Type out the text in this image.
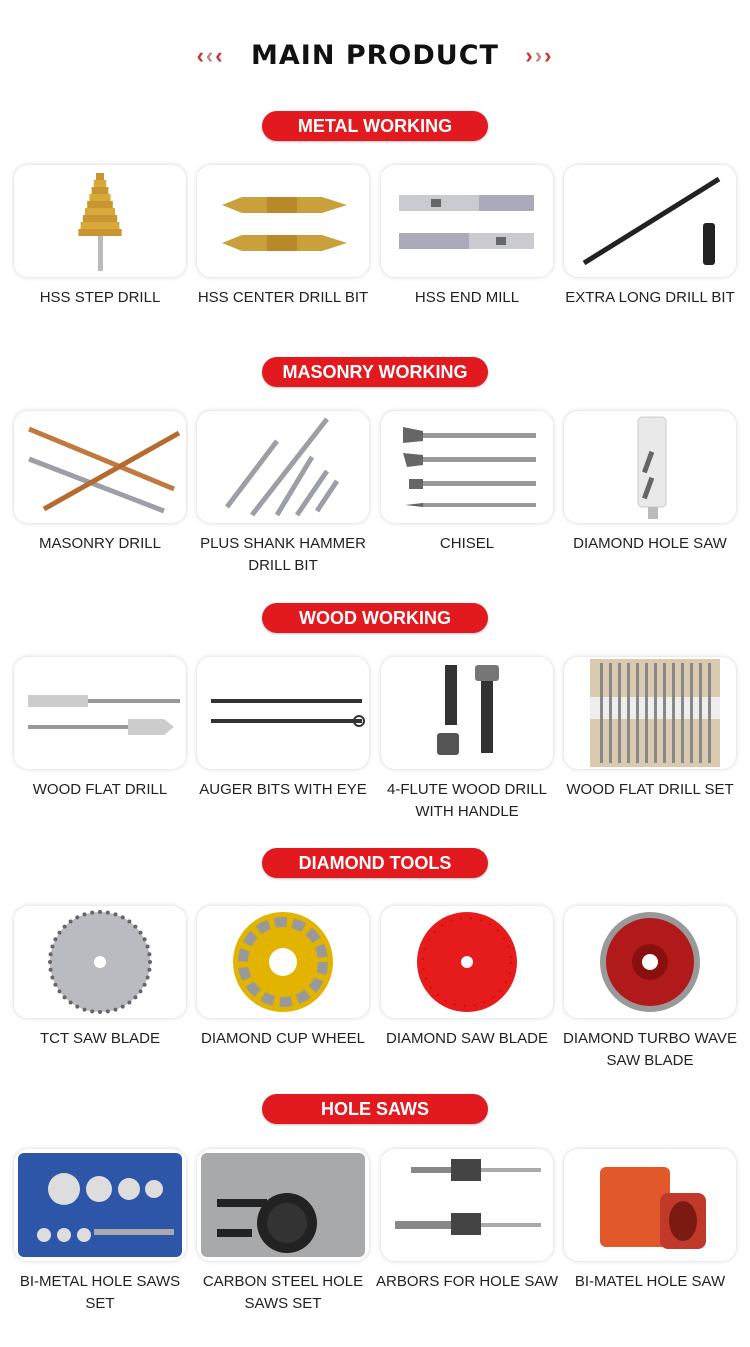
‹‹‹ MAIN PRODUCT ›››
METAL WORKING
HSS STEP DRILL	HSS CENTER DRILL BIT	HSS END MILL	EXTRA LONG DRILL BIT
MASONRY WORKING
MASONRY DRILL	PLUS SHANK HAMMER DRILL BIT
CHISEL	DIAMOND HOLE SAW
WOOD WORKING
WOOD FLAT DRILL	AUGER BITS WITH EYE	4-FLUTE WOOD DRILL WITH HANDLE
WOOD FLAT DRILL SET
DIAMOND TOOLS
TCT SAW BLADE	DIAMOND CUP WHEEL	DIAMOND SAW BLADE	DIAMOND TURBO WAVE SAW BLADE
HOLE SAWS
BI-METAL HOLE SAWS SET
CARBON STEEL HOLE SAWS SET
ARBORS FOR HOLE SAW	BI-MATEL HOLE SAW
